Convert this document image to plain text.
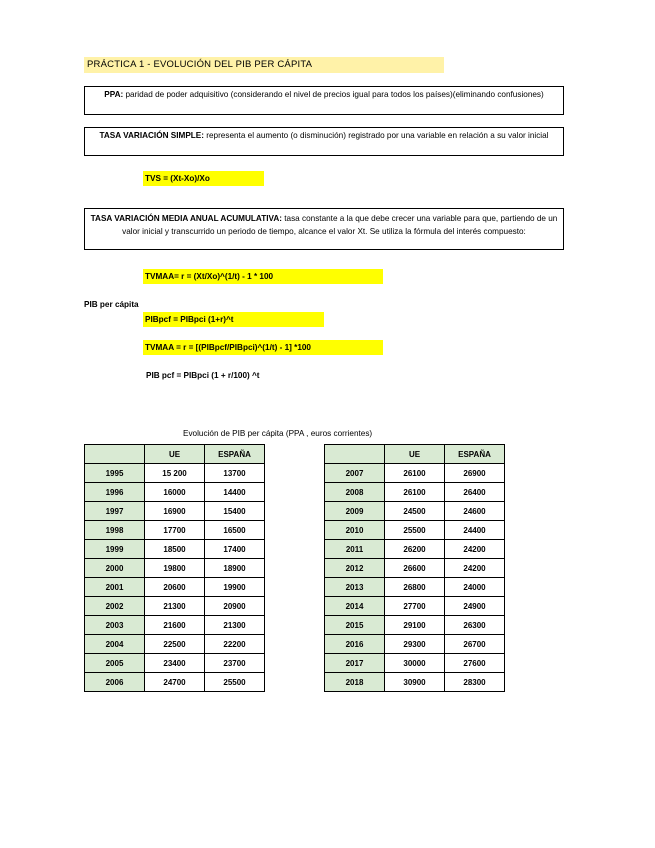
PRÁCTICA 1 - EVOLUCIÓN DEL PIB PER CÁPITA
PPA: paridad de poder adquisitivo (considerando el nivel de precios igual para todos los países)(eliminando confusiones)
TASA VARIACIÓN SIMPLE: representa el aumento (o disminución) registrado por una variable en relación a su valor inicial
TVS = (Xt-Xo)/Xo
TASA VARIACIÓN MEDIA ANUAL ACUMULATIVA: tasa constante a la que debe crecer una variable para que, partiendo de un valor inicial y transcurrido un periodo de tiempo, alcance el valor Xt. Se utiliza la fórmula del interés compuesto:
TVMAA= r = (Xt/Xo)^(1/t) - 1 * 100
PIB per cápita
PIBpcf = PIBpci (1+r)^t
TVMAA = r = [(PIBpcf/PIBpci)^(1/t) - 1] *100
PIB pcf = PIBpci (1 + r/100) ^t
Evolución de PIB per cápita (PPA , euros corrientes)
	UE	ESPAÑA
1995	15 200	13700
1996	16000	14400
1997	16900	15400
1998	17700	16500
1999	18500	17400
2000	19800	18900
2001	20600	19900
2002	21300	20900
2003	21600	21300
2004	22500	22200
2005	23400	23700
2006	24700	25500
	UE	ESPAÑA
2007	26100	26900
2008	26100	26400
2009	24500	24600
2010	25500	24400
2011	26200	24200
2012	26600	24200
2013	26800	24000
2014	27700	24900
2015	29100	26300
2016	29300	26700
2017	30000	27600
2018	30900	28300
